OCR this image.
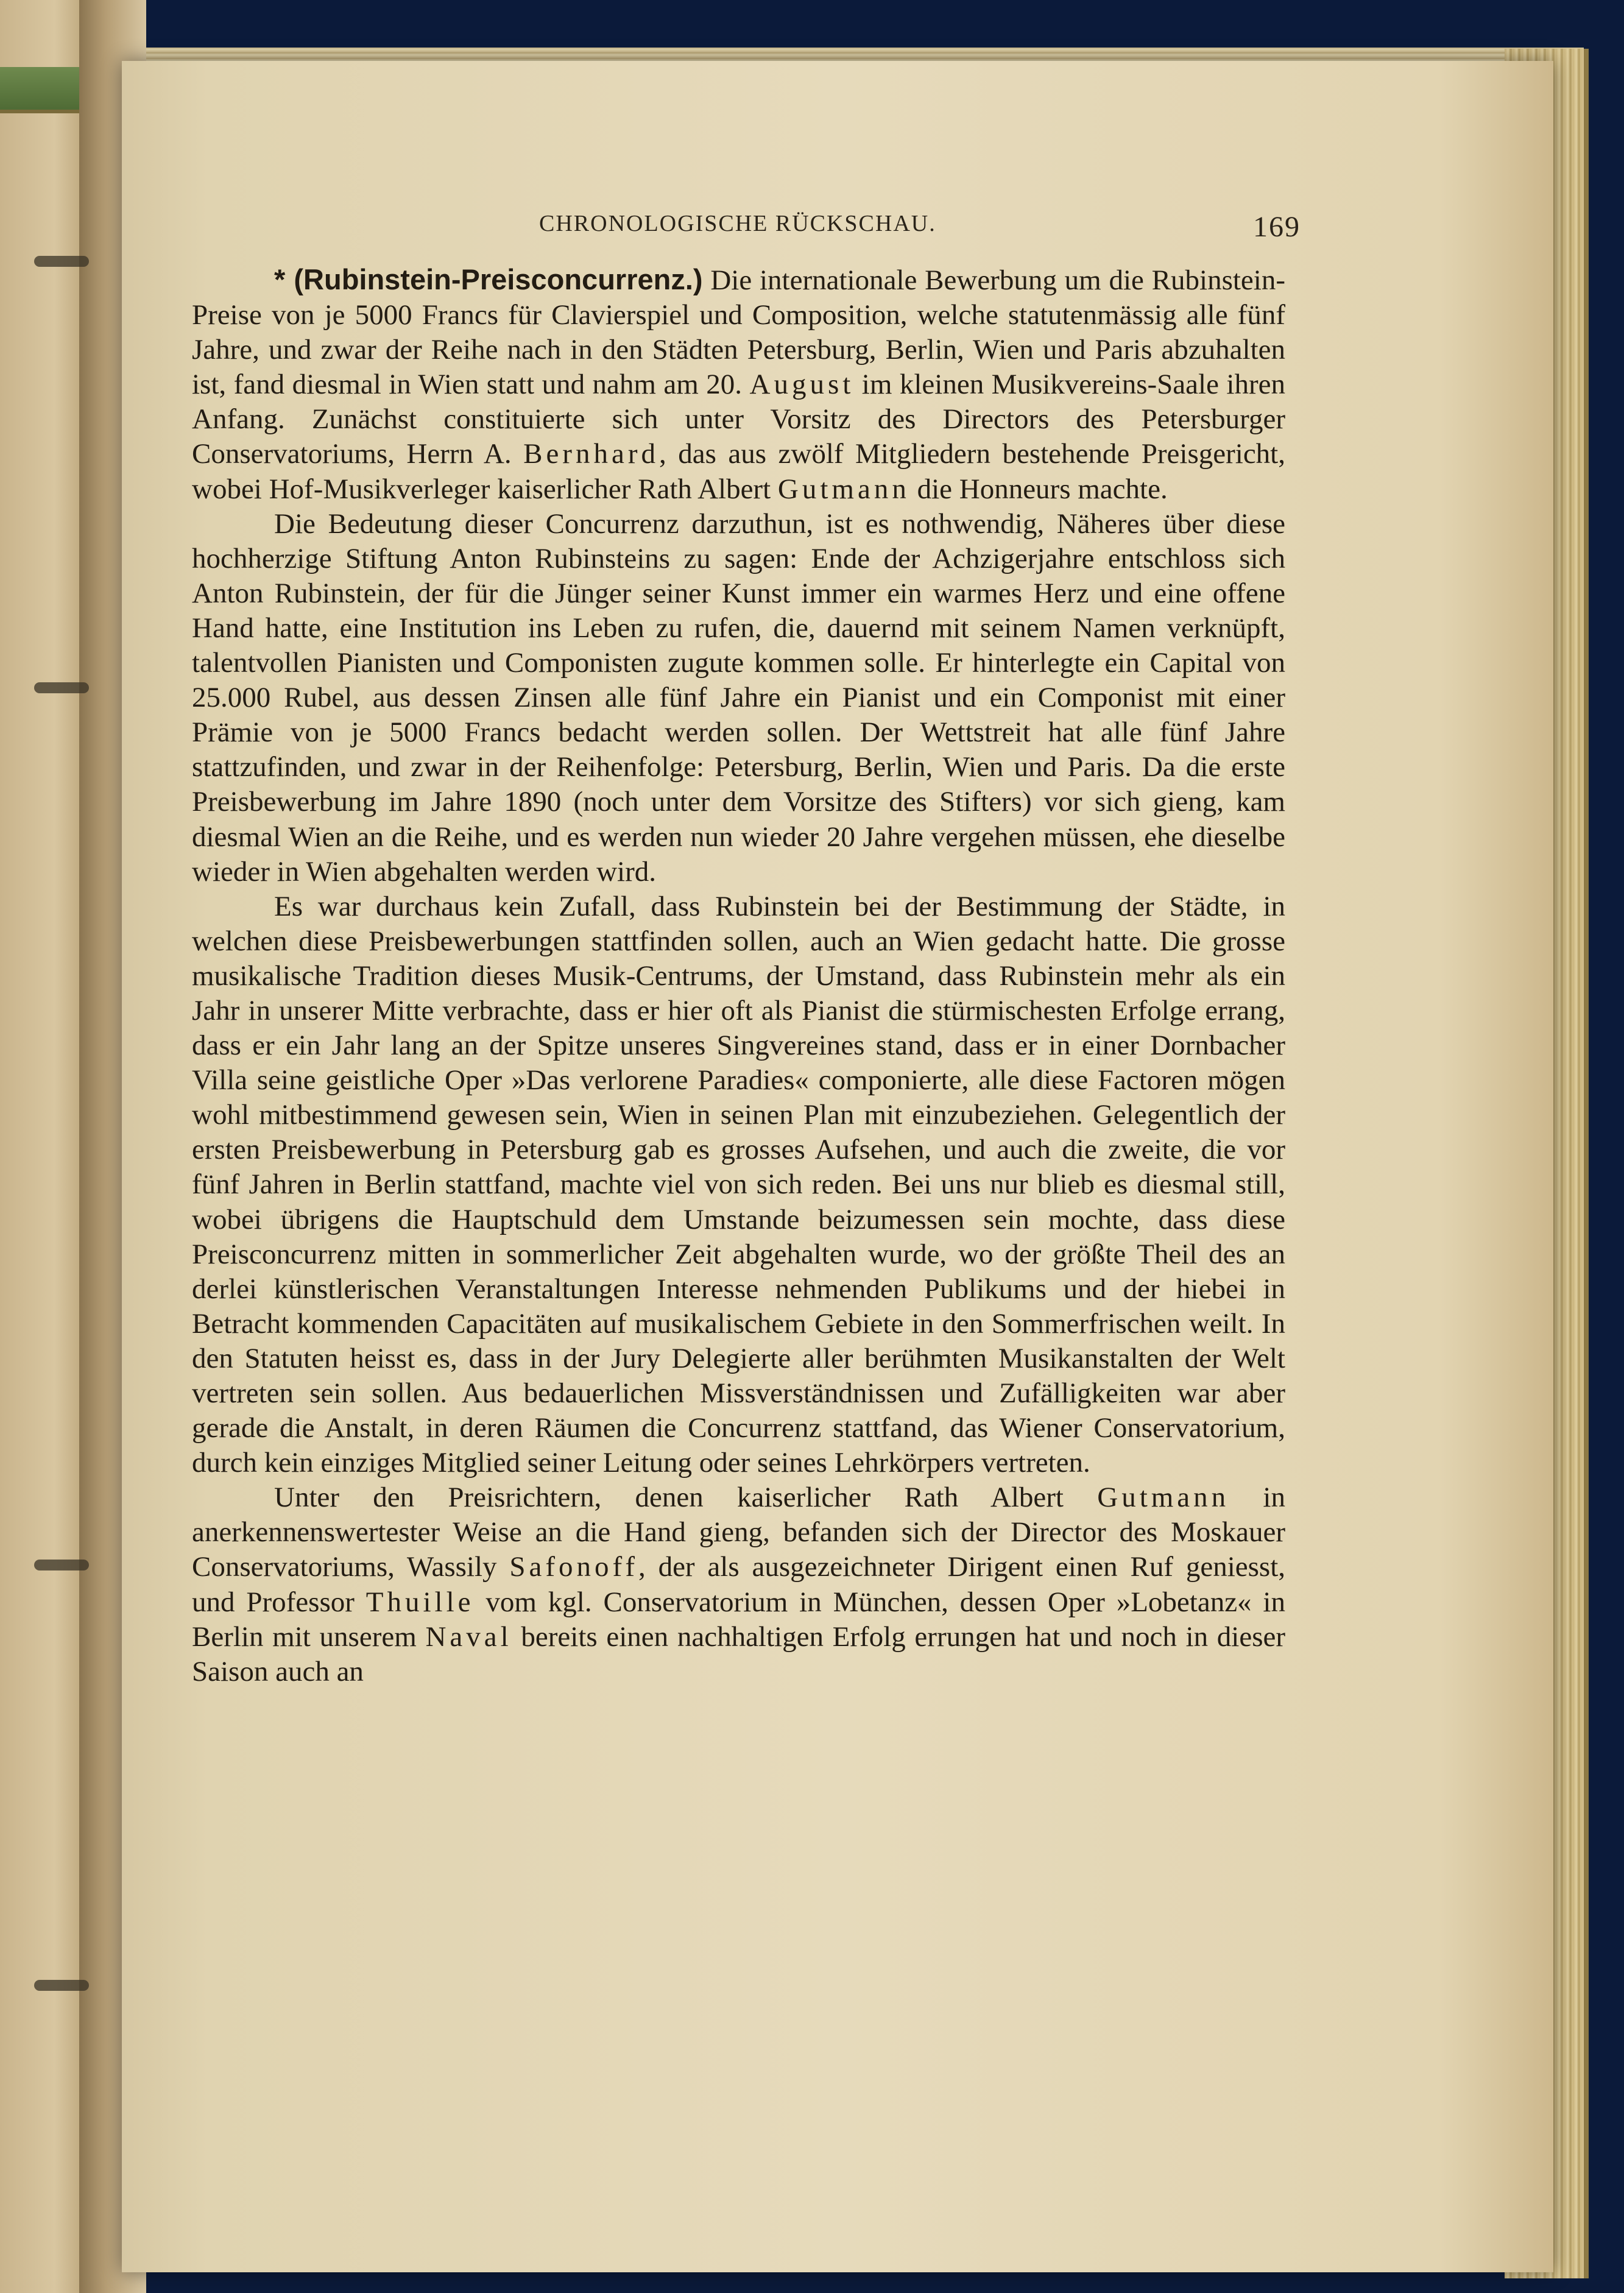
CHRONOLOGISCHE RÜCKSCHAU.	169

* (Rubinstein-Preisconcurrenz.) Die internationale Bewerbung um die Rubinstein-Preise von je 5000 Francs für Clavierspiel und Composition, welche statutenmässig alle fünf Jahre, und zwar der Reihe nach in den Städten Petersburg, Berlin, Wien und Paris abzuhalten ist, fand diesmal in Wien statt und nahm am 20. August im kleinen Musikvereins-Saale ihren Anfang. Zunächst constituierte sich unter Vorsitz des Directors des Petersburger Conservatoriums, Herrn A. Bernhard, das aus zwölf Mitgliedern bestehende Preisgericht, wobei Hof-Musikverleger kaiserlicher Rath Albert Gutmann die Honneurs machte.

Die Bedeutung dieser Concurrenz darzuthun, ist es nothwendig, Näheres über diese hochherzige Stiftung Anton Rubinsteins zu sagen: Ende der Achzigerjahre entschloss sich Anton Rubinstein, der für die Jünger seiner Kunst immer ein warmes Herz und eine offene Hand hatte, eine Institution ins Leben zu rufen, die, dauernd mit seinem Namen verknüpft, talentvollen Pianisten und Componisten zugute kommen solle. Er hinterlegte ein Capital von 25.000 Rubel, aus dessen Zinsen alle fünf Jahre ein Pianist und ein Componist mit einer Prämie von je 5000 Francs bedacht werden sollen. Der Wettstreit hat alle fünf Jahre stattzufinden, und zwar in der Reihenfolge: Petersburg, Berlin, Wien und Paris. Da die erste Preisbewerbung im Jahre 1890 (noch unter dem Vorsitze des Stifters) vor sich gieng, kam diesmal Wien an die Reihe, und es werden nun wieder 20 Jahre vergehen müssen, ehe dieselbe wieder in Wien abgehalten werden wird.

Es war durchaus kein Zufall, dass Rubinstein bei der Bestimmung der Städte, in welchen diese Preisbewerbungen stattfinden sollen, auch an Wien gedacht hatte. Die grosse musikalische Tradition dieses Musik-Centrums, der Umstand, dass Rubinstein mehr als ein Jahr in unserer Mitte verbrachte, dass er hier oft als Pianist die stürmischesten Erfolge errang, dass er ein Jahr lang an der Spitze unseres Singvereines stand, dass er in einer Dornbacher Villa seine geistliche Oper »Das verlorene Paradies« componierte, alle diese Factoren mögen wohl mitbestimmend gewesen sein, Wien in seinen Plan mit einzubeziehen. Gelegentlich der ersten Preisbewerbung in Petersburg gab es grosses Aufsehen, und auch die zweite, die vor fünf Jahren in Berlin stattfand, machte viel von sich reden. Bei uns nur blieb es diesmal still, wobei übrigens die Hauptschuld dem Umstande beizumessen sein mochte, dass diese Preisconcurrenz mitten in sommerlicher Zeit abgehalten wurde, wo der größte Theil des an derlei künstlerischen Veranstaltungen Interesse nehmenden Publikums und der hiebei in Betracht kommenden Capacitäten auf musikalischem Gebiete in den Sommerfrischen weilt. In den Statuten heisst es, dass in der Jury Delegierte aller berühmten Musikanstalten der Welt vertreten sein sollen. Aus bedauerlichen Missverständnissen und Zufälligkeiten war aber gerade die Anstalt, in deren Räumen die Concurrenz stattfand, das Wiener Conservatorium, durch kein einziges Mitglied seiner Leitung oder seines Lehrkörpers vertreten.

Unter den Preisrichtern, denen kaiserlicher Rath Albert Gutmann in anerkennenswertester Weise an die Hand gieng, befanden sich der Director des Moskauer Conservatoriums, Wassily Safonoff, der als ausgezeichneter Dirigent einen Ruf geniesst, und Professor Thuille vom kgl. Conservatorium in München, dessen Oper »Lobetanz« in Berlin mit unserem Naval bereits einen nachhaltigen Erfolg errungen hat und noch in dieser Saison auch an
